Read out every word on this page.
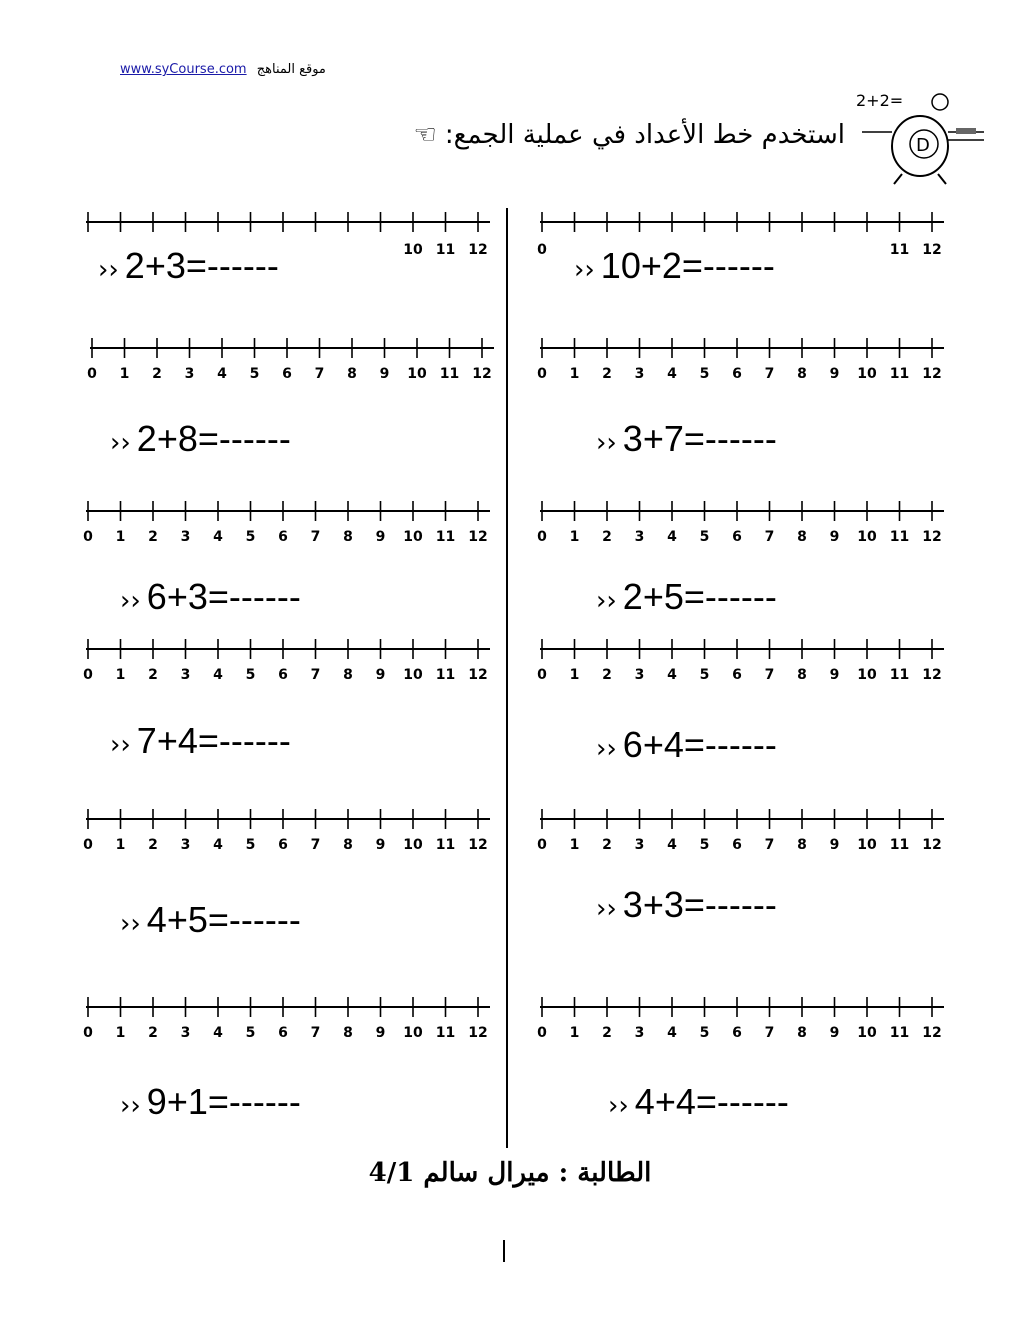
www.syCourse.com موقع المناهج
استخدم خط الأعداد في عملية الجمع: ☜
2+2=
D
10 11 12	0	11 12
0 1 2 3 4 5 6 7 8 9 10 11 12	0 1 2 3 4 5 6 7 8 9 10 11 12
0 1 2 3 4 5 6 7 8 9 10 11 12	0 1 2 3 4 5 6 7 8 9 10 11 12
0 1 2 3 4 5 6 7 8 9 10 11 12	0 1 2 3 4 5 6 7 8 9 10 11 12
0 1 2 3 4 5 6 7 8 9 10 11 12	0 1 2 3 4 5 6 7 8 9 10 11 12
0 1 2 3 4 5 6 7 8 9 10 11 12	0 1 2 3 4 5 6 7 8 9 10 11 12
›› 2+3=------
›› 2+8=------
›› 6+3=------
›› 7+4=------
›› 4+5=------
›› 9+1=------
›› 10+2=------
›› 3+7=------
›› 2+5=------
›› 6+4=------
›› 3+3=------
›› 4+4=------
الطالبة : ميرال سالم 4/1
